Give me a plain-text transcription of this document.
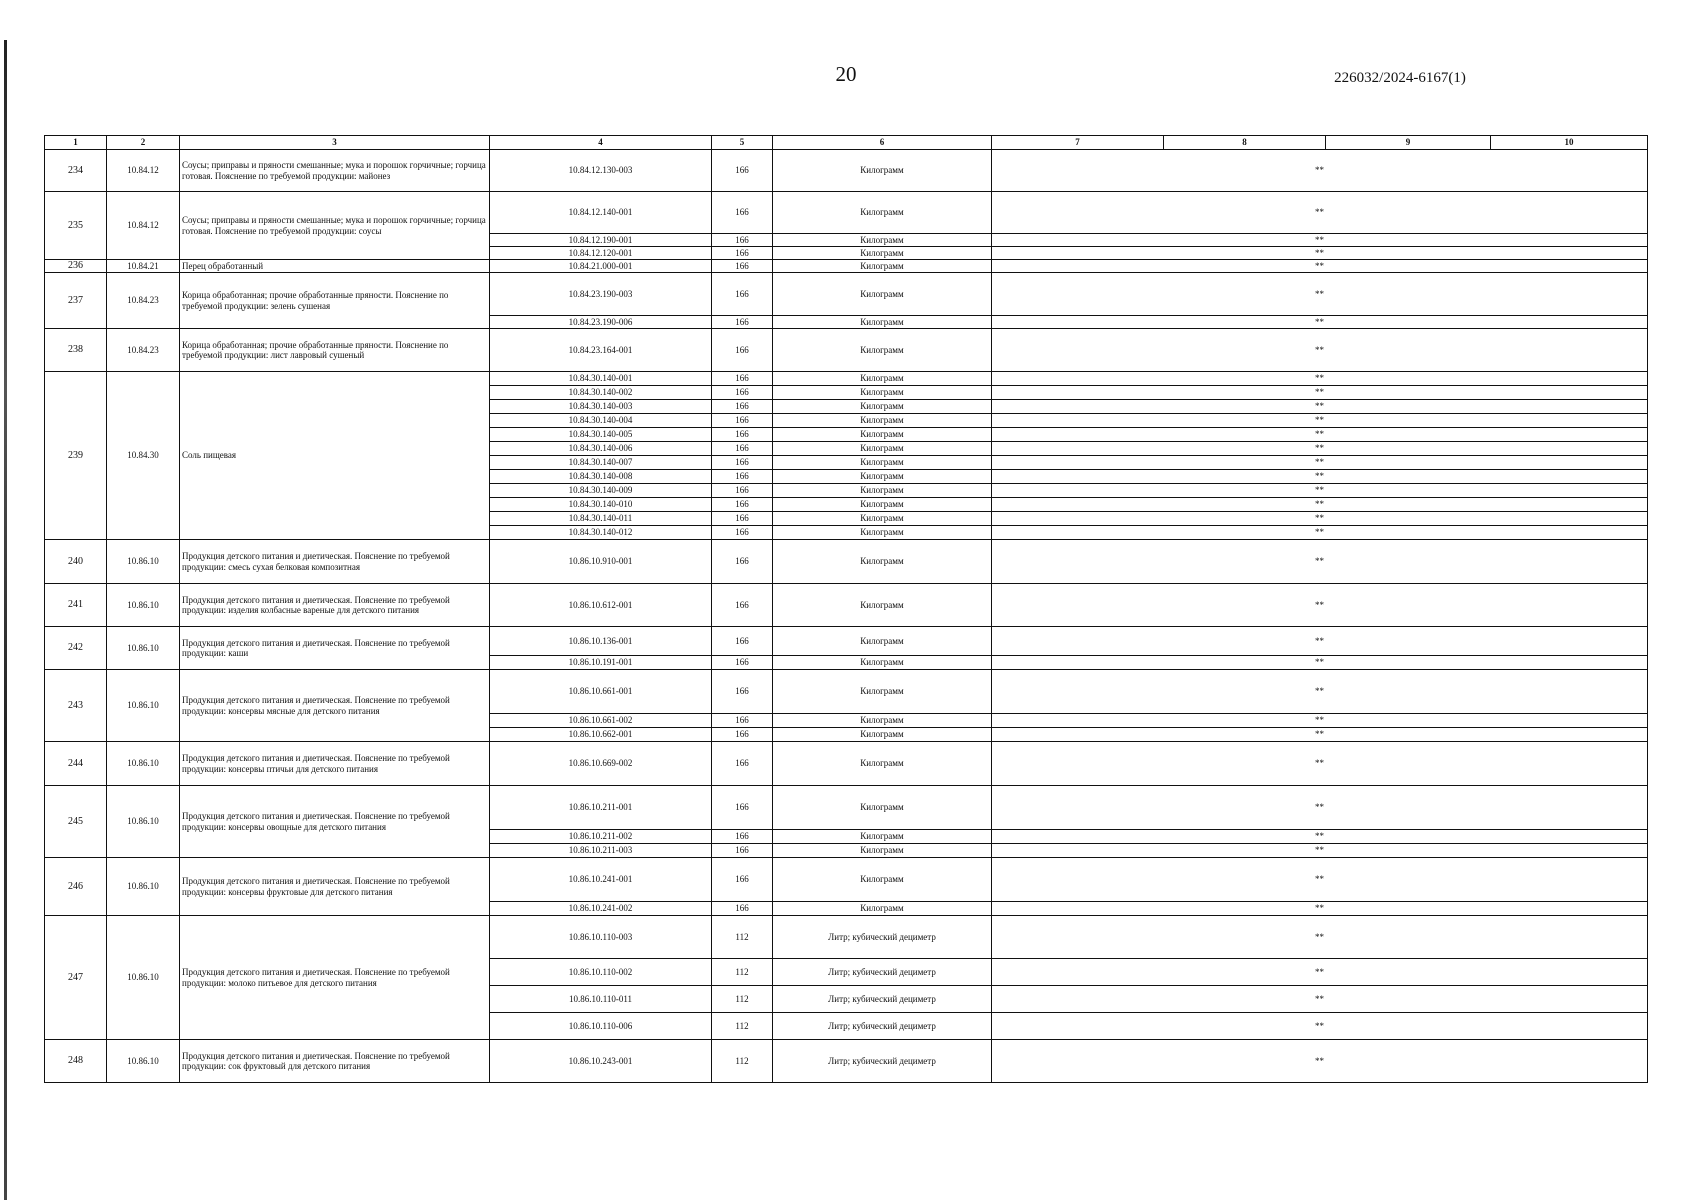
20	226032/2024-6167(1)
1	2	3	4	5	6	7	8	9	10
234	10.84.12	Соусы; приправы и пряности смешанные; мука и порошок горчичные; горчица готовая. Пояснение по требуемой продукции: майонез	10.84.12.130-003	166	Килограмм	**			
235	10.84.12	Соусы; приправы и пряности смешанные; мука и порошок горчичные; горчица готовая. Пояснение по требуемой продукции: соусы	10.84.12.140-001	166	Килограмм	**			
			10.84.12.190-001	166	Килограмм	**			
			10.84.12.120-001	166	Килограмм	**			
236	10.84.21	Перец обработанный	10.84.21.000-001	166	Килограмм	**			
237	10.84.23	Корица обработанная; прочие обработанные пряности. Пояснение по требуемой продукции: зелень сушеная	10.84.23.190-003	166	Килограмм	**			
			10.84.23.190-006	166	Килограмм	**			
238	10.84.23	Корица обработанная; прочие обработанные пряности. Пояснение по требуемой продукции: лист лавровый сушеный	10.84.23.164-001	166	Килограмм	**			
239	10.84.30	Соль пищевая	10.84.30.140-001	166	Килограмм	**			
			10.84.30.140-002	166	Килограмм	**			
			10.84.30.140-003	166	Килограмм	**			
			10.84.30.140-004	166	Килограмм	**			
			10.84.30.140-005	166	Килограмм	**			
			10.84.30.140-006	166	Килограмм	**			
			10.84.30.140-007	166	Килограмм	**			
			10.84.30.140-008	166	Килограмм	**			
			10.84.30.140-009	166	Килограмм	**			
			10.84.30.140-010	166	Килограмм	**			
			10.84.30.140-011	166	Килограмм	**			
			10.84.30.140-012	166	Килограмм	**			
240	10.86.10	Продукция детского питания и диетическая. Пояснение по требуемой продукции: смесь сухая белковая композитная	10.86.10.910-001	166	Килограмм	**			
241	10.86.10	Продукция детского питания и диетическая. Пояснение по требуемой продукции: изделия колбасные вареные для детского питания	10.86.10.612-001	166	Килограмм	**			
242	10.86.10	Продукция детского питания и диетическая. Пояснение по требуемой продукции: каши	10.86.10.136-001	166	Килограмм	**			
			10.86.10.191-001	166	Килограмм	**			
243	10.86.10	Продукция детского питания и диетическая. Пояснение по требуемой продукции: консервы мясные для детского питания	10.86.10.661-001	166	Килограмм	**			
			10.86.10.661-002	166	Килограмм	**			
			10.86.10.662-001	166	Килограмм	**			
244	10.86.10	Продукция детского питания и диетическая. Пояснение по требуемой продукции: консервы птичьи для детского питания	10.86.10.669-002	166	Килограмм	**			
245	10.86.10	Продукция детского питания и диетическая. Пояснение по требуемой продукции: консервы овощные для детского питания	10.86.10.211-001	166	Килограмм	**			
			10.86.10.211-002	166	Килограмм	**			
			10.86.10.211-003	166	Килограмм	**			
246	10.86.10	Продукция детского питания и диетическая. Пояснение по требуемой продукции: консервы фруктовые для детского питания	10.86.10.241-001	166	Килограмм	**			
			10.86.10.241-002	166	Килограмм	**			
247	10.86.10	Продукция детского питания и диетическая. Пояснение по требуемой продукции: молоко питьевое для детского питания	10.86.10.110-003	112	Литр; кубический дециметр	**			
			10.86.10.110-002	112	Литр; кубический дециметр	**			
			10.86.10.110-011	112	Литр; кубический дециметр	**			
			10.86.10.110-006	112	Литр; кубический дециметр	**			
248	10.86.10	Продукция детского питания и диетическая. Пояснение по требуемой продукции: сок фруктовый для детского питания	10.86.10.243-001	112	Литр; кубический дециметр	**			
